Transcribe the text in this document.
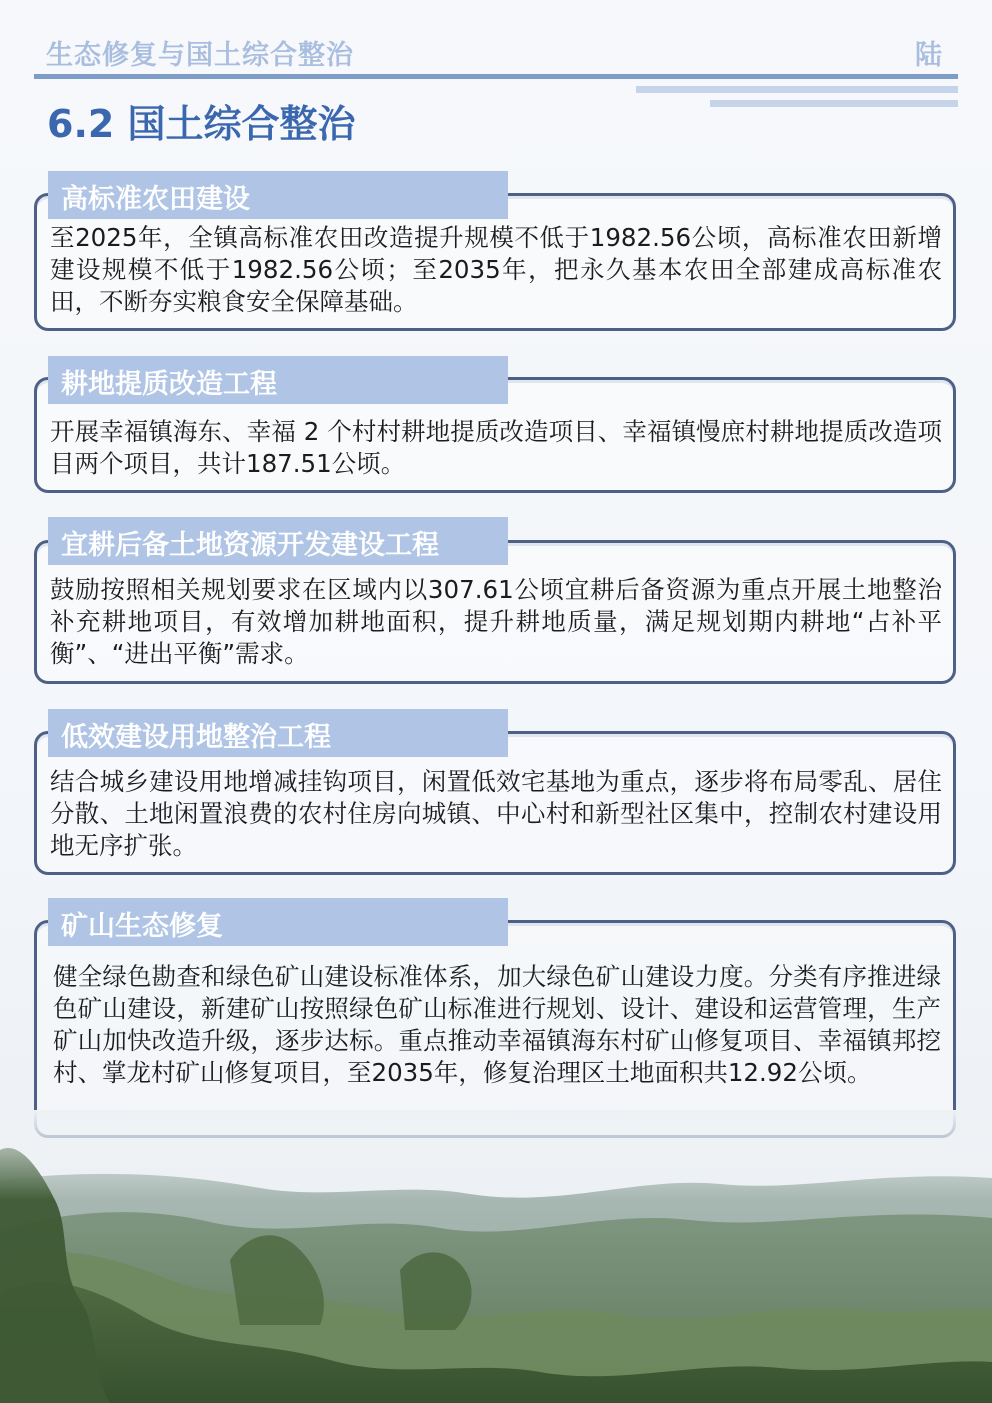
生态修复与国土综合整治	陆
6.2 国土综合整治
高标准农田建设

至2025年，全镇高标准农田改造提升规模不低于1982.56公顷，高标准农田新增建设规模不低于1982.56公顷；至2035年，把永久基本农田全部建成高标准农田，不断夯实粮食安全保障基础。

耕地提质改造工程

开展幸福镇海东、幸福 2 个村村耕地提质改造项目、幸福镇慢庶村耕地提质改造项目两个项目，共计187.51公顷。

宜耕后备土地资源开发建设工程

鼓励按照相关规划要求在区域内以307.61公顷宜耕后备资源为重点开展土地整治补充耕地项目，有效增加耕地面积，提升耕地质量，满足规划期内耕地“占补平衡”、“进出平衡”需求。

低效建设用地整治工程

结合城乡建设用地增减挂钩项目，闲置低效宅基地为重点，逐步将布局零乱、居住分散、土地闲置浪费的农村住房向城镇、中心村和新型社区集中，控制农村建设用地无序扩张。

矿山生态修复

健全绿色勘查和绿色矿山建设标准体系，加大绿色矿山建设力度。分类有序推进绿色矿山建设，新建矿山按照绿色矿山标准进行规划、设计、建设和运营管理，生产矿山加快改造升级，逐步达标。重点推动幸福镇海东村矿山修复项目、幸福镇邦挖村、掌龙村矿山修复项目，至2035年，修复治理区土地面积共12.92公顷。
